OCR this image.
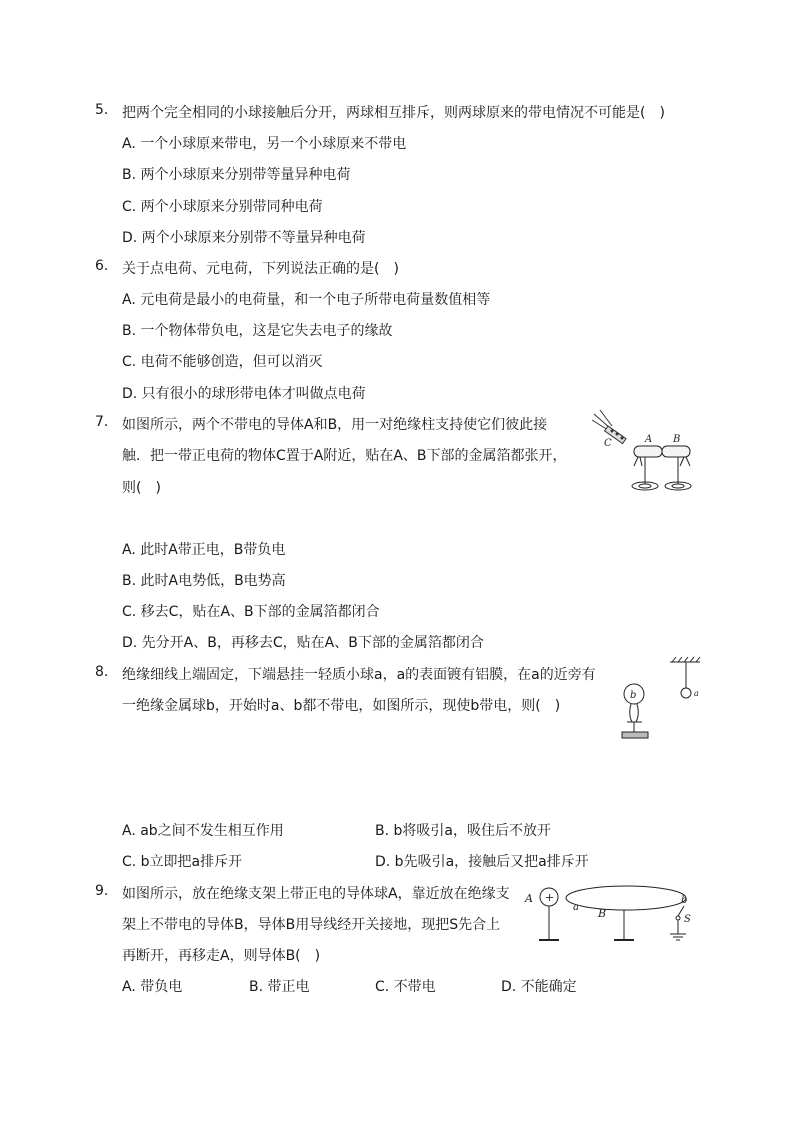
5. 把两个完全相同的小球接触后分开，两球相互排斥，则两球原来的带电情况不可能是(　)
A. 一个小球原来带电，另一个小球原来不带电
B. 两个小球原来分别带等量异种电荷
C. 两个小球原来分别带同种电荷
D. 两个小球原来分别带不等量异种电荷
6. 关于点电荷、元电荷，下列说法正确的是(　)
A. 元电荷是最小的电荷量，和一个电子所带电荷量数值相等
B. 一个物体带负电，这是它失去电子的缘故
C. 电荷不能够创造，但可以消灭
D. 只有很小的球形带电体才叫做点电荷
7. 如图所示，两个不带电的导体A和B，用一对绝缘柱支持使它们彼此接
触．把一带正电荷的物体C置于A附近，贴在A、B下部的金属箔都张开，
则(　)
C	A B
A. 此时A带正电，B带负电
B. 此时A电势低，B电势高
C. 移去C，贴在A、B下部的金属箔都闭合
D. 先分开A、B，再移去C，贴在A、B下部的金属箔都闭合
8. 绝缘细线上端固定，下端悬挂一轻质小球a，a的表面镀有铝膜，在a的近旁有
一绝缘金属球b，开始时a、b都不带电，如图所示，现使b带电，则(　)
a
b
A. ab之间不发生相互作用	B. b将吸引a，吸住后不放开
C. b立即把a排斥开	D. b先吸引a，接触后又把a排斥开
9. 如图所示，放在绝缘支架上带正电的导体球A，靠近放在绝缘支
架上不带电的导体B，导体B用导线经开关接地，现把S先合上
再断开，再移走A，则导体B(　)
A +
a B
b
S
A. 带负电	B. 带正电	C. 不带电	D. 不能确定
